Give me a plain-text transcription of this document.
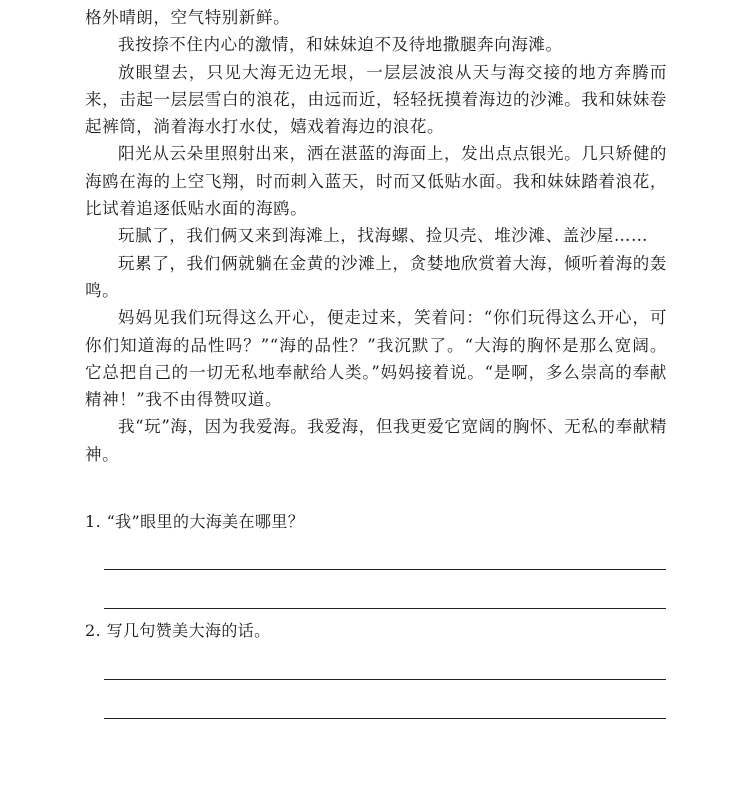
格外晴朗，空气特别新鲜。

我按捺不住内心的激情，和妹妹迫不及待地撒腿奔向海滩。

放眼望去，只见大海无边无垠，一层层波浪从天与海交接的地方奔腾而来，击起一层层雪白的浪花，由远而近，轻轻抚摸着海边的沙滩。我和妹妹卷起裤筒，淌着海水打水仗，嬉戏着海边的浪花。

阳光从云朵里照射出来，洒在湛蓝的海面上，发出点点银光。几只矫健的海鸥在海的上空飞翔，时而刺入蓝天，时而又低贴水面。我和妹妹踏着浪花，比试着追逐低贴水面的海鸥。

玩腻了，我们俩又来到海滩上，找海螺、捡贝壳、堆沙滩、盖沙屋……

玩累了，我们俩就躺在金黄的沙滩上，贪婪地欣赏着大海，倾听着海的轰鸣。

妈妈见我们玩得这么开心，便走过来，笑着问：“你们玩得这么开心，可你们知道海的品性吗？”“海的品性？”我沉默了。“大海的胸怀是那么宽阔。它总把自己的一切无私地奉献给人类。”妈妈接着说。“是啊，多么崇高的奉献精神！”我不由得赞叹道。

我“玩”海，因为我爱海。我爱海，但我更爱它宽阔的胸怀、无私的奉献精神。

1. “我”眼里的大海美在哪里？

2. 写几句赞美大海的话。
